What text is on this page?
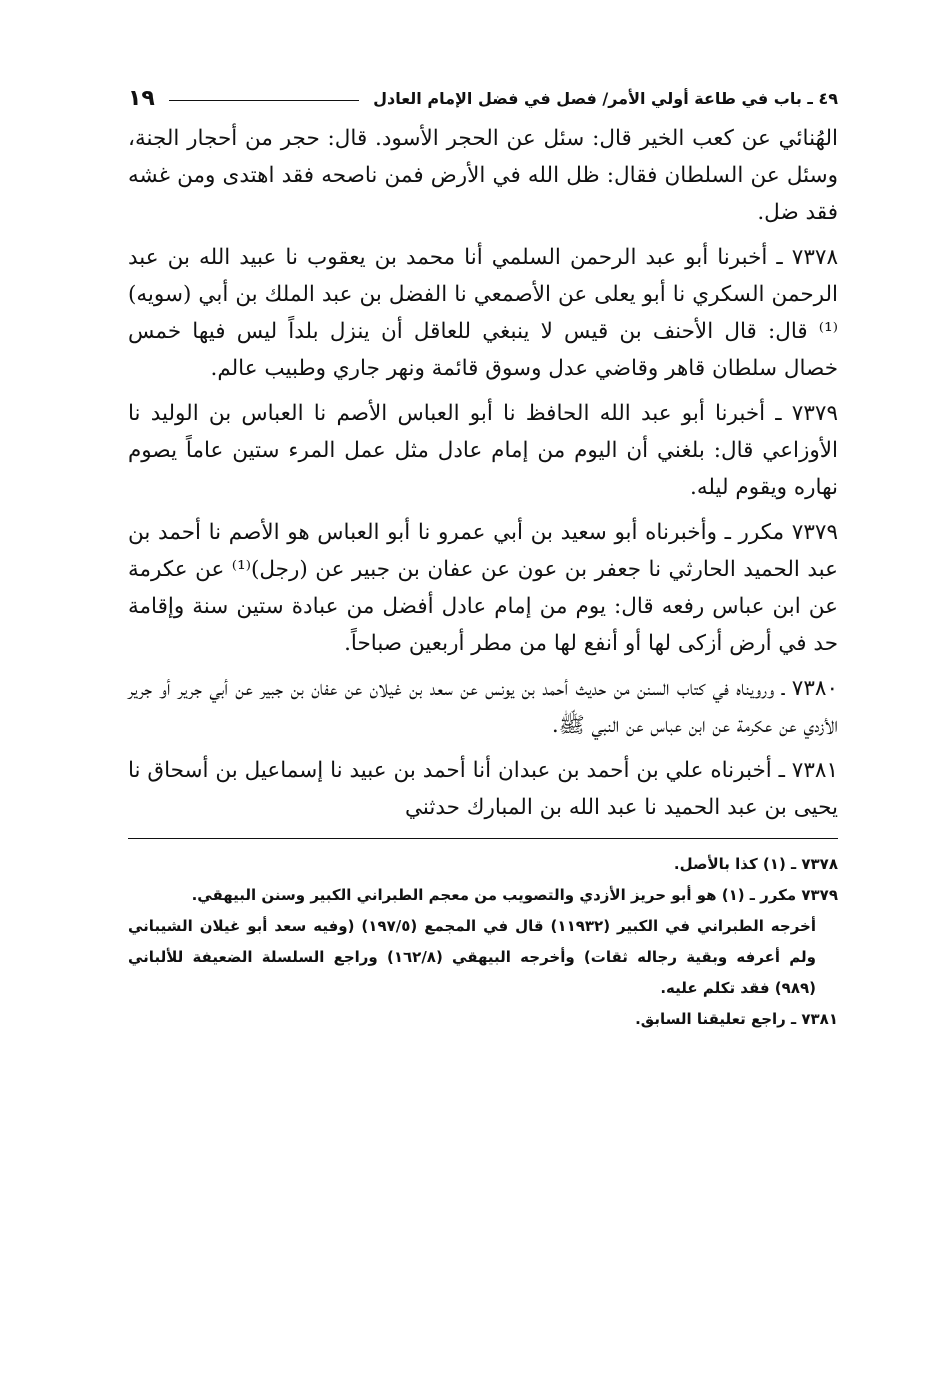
٤٩ ـ باب في طاعة أولي الأمر/ فصل في فضل الإمام العادل
١٩

الهُنائي عن كعب الخير قال: سئل عن الحجر الأسود. قال: حجر من أحجار الجنة، وسئل عن السلطان فقال: ظل الله في الأرض فمن ناصحه فقد اهتدى ومن غشه فقد ضل.

٧٣٧٨ ـ أخبرنا أبو عبد الرحمن السلمي أنا محمد بن يعقوب نا عبيد الله بن عبد الرحمن السكري نا أبو يعلى عن الأصمعي نا الفضل بن عبد الملك بن أبي (سويه)⁽¹⁾ قال: قال الأحنف بن قيس لا ينبغي للعاقل أن ينزل بلداً ليس فيها خمس خصال سلطان قاهر وقاضي عدل وسوق قائمة ونهر جاري وطبيب عالم.

٧٣٧٩ ـ أخبرنا أبو عبد الله الحافظ نا أبو العباس الأصم نا العباس بن الوليد نا الأوزاعي قال: بلغني أن اليوم من إمام عادل مثل عمل المرء ستين عاماً يصوم نهاره ويقوم ليله.

٧٣٧٩ مكرر ـ وأخبرناه أبو سعيد بن أبي عمرو نا أبو العباس هو الأصم نا أحمد بن عبد الحميد الحارثي نا جعفر بن عون عن عفان بن جبير عن (رجل)⁽¹⁾ عن عكرمة عن ابن عباس رفعه قال: يوم من إمام عادل أفضل من عبادة ستين سنة وإقامة حد في أرض أزكى لها أو أنفع لها من مطر أربعين صباحاً.

٧٣٨٠ ـ ورويناه في كتاب السنن من حديث أحمد بن يونس عن سعد بن غيلان عن عفان بن جبير عن أبي جرير أو جرير الأزدي عن عكرمة عن ابن عباس عن النبي ﷺ.

٧٣٨١ ـ أخبرناه علي بن أحمد بن عبدان أنا أحمد بن عبيد نا إسماعيل بن أسحاق نا يحيى بن عبد الحميد نا عبد الله بن المبارك حدثني

٧٣٧٨ ـ (١) كذا بالأصل.

٧٣٧٩ مكرر ـ (١) هو أبو حريز الأزدي والتصويب من معجم الطبراني الكبير وسنن البيهقي.

أخرجه الطبراني في الكبير (١١٩٣٢) قال في المجمع (١٩٧/٥) (وفيه سعد أبو غيلان الشيباني ولم أعرفه وبقية رجاله ثقات) وأخرجه البيهقي (١٦٢/٨) وراجع السلسلة الضعيفة للألباني (٩٨٩) فقد تكلم عليه.

٧٣٨١ ـ راجع تعليقنا السابق.
